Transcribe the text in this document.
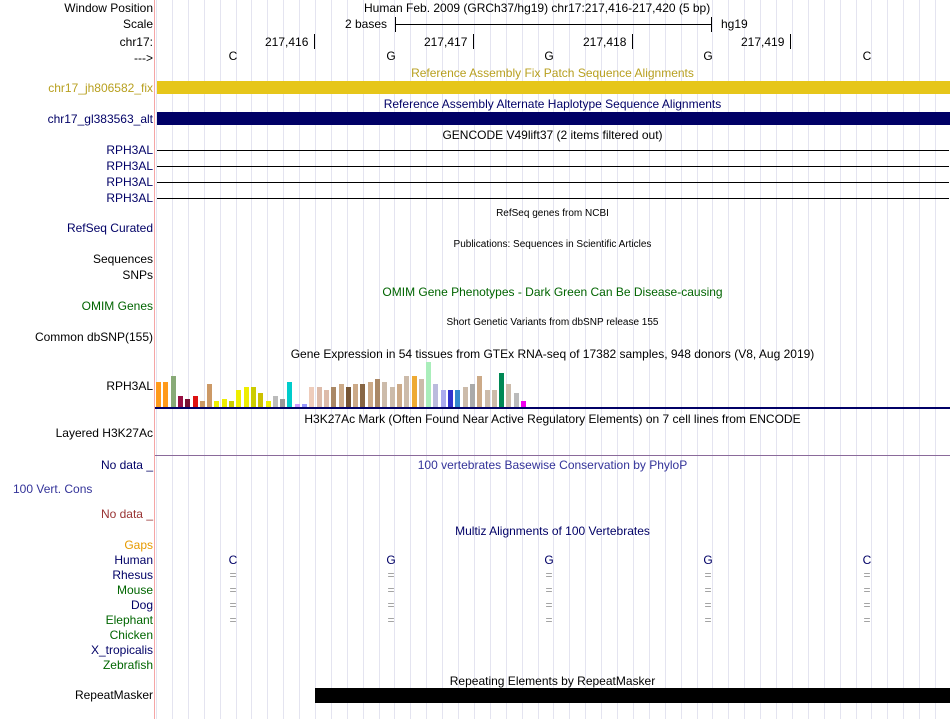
Window Position	Human Feb. 2009 (GRCh37/hg19) chr17:217,416-217,420 (5 bp)
Scale	2 bases	hg19
chr17:	217,416	217,417	217,418	217,419
--->	C	G	G	G	C
Reference Assembly Fix Patch Sequence Alignments
chr17_jh806582_fix
Reference Assembly Alternate Haplotype Sequence Alignments
chr17_gl383563_alt
GENCODE V49lift37 (2 items filtered out)
RPH3AL
RPH3AL
RPH3AL
RPH3AL
RefSeq genes from NCBI
RefSeq Curated
Publications: Sequences in Scientific Articles
Sequences
SNPs
OMIM Gene Phenotypes - Dark Green Can Be Disease-causing
OMIM Genes
Short Genetic Variants from dbSNP release 155
Common dbSNP(155)
Gene Expression in 54 tissues from GTEx RNA-seq of 17382 samples, 948 donors (V8, Aug 2019)
RPH3AL
H3K27Ac Mark (Often Found Near Active Regulatory Elements) on 7 cell lines from ENCODE
Layered H3K27Ac
No data _	100 vertebrates Basewise Conservation by PhyloP
100 Vert. Cons
No data _
Multiz Alignments of 100 Vertebrates
Gaps
Repeating Elements by RepeatMasker
RepeatMasker
Human	C	G	G	G	C
Rhesus	=	=	=	=	=
Mouse	=	=	=	=	=
Dog	=	=	=	=	=
Elephant	=	=	=	=	=
Chicken
X_tropicalis
Zebrafish
